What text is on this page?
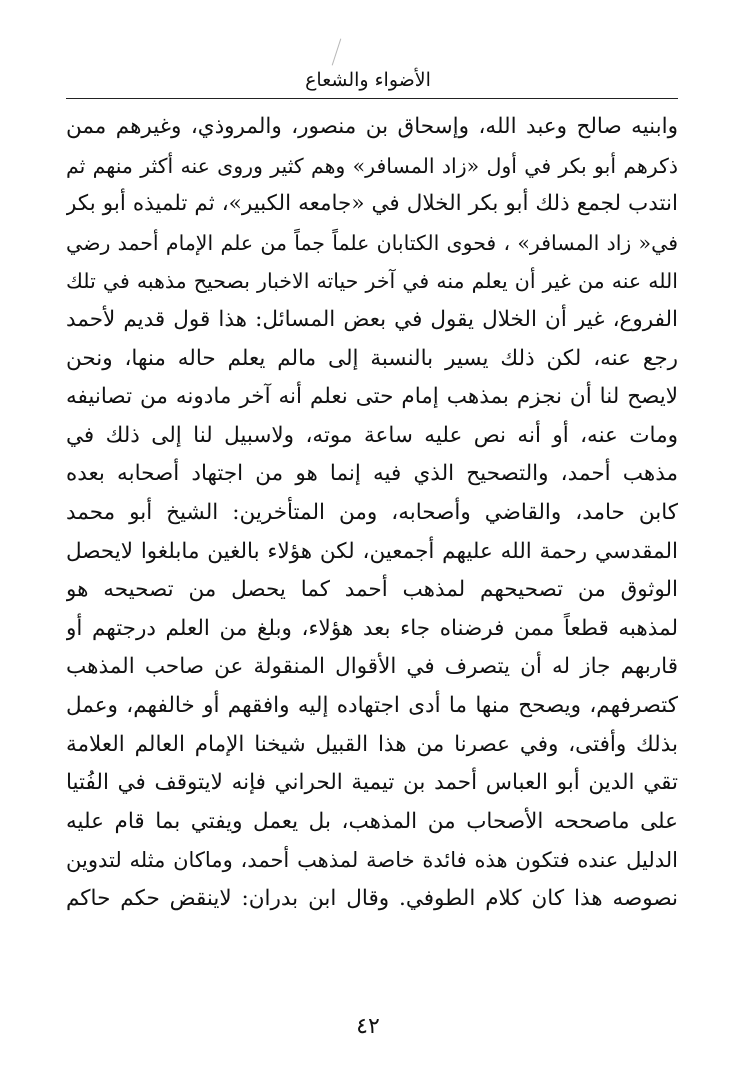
الأضواء والشعاع
وابنيه صالح وعبد الله، وإسحاق بن منصور، والمروذي، وغيرهم ممن
ذكرهم أبو بكر في أول «زاد المسافر» وهم كثير وروى عنه أكثر منهم ثم
انتدب لجمع ذلك أبو بكر الخلال في «جامعه الكبير»، ثم تلميذه أبو بكر
في« زاد المسافر» ، فحوى الكتابان علماً جماً من علم الإمام أحمد رضي
الله عنه من غير أن يعلم منه في آخر حياته الاخبار بصحيح مذهبه في تلك
الفروع، غير أن الخلال يقول في بعض المسائل: هذا قول قديم لأحمد
رجع عنه، لكن ذلك يسير بالنسبة إلى مالم يعلم حاله منها، ونحن
لايصح لنا أن نجزم بمذهب إمام حتى نعلم أنه آخر مادونه من تصانيفه
ومات عنه، أو أنه نص عليه ساعة موته، ولاسبيل لنا إلى ذلك في
مذهب أحمد، والتصحيح الذي فيه إنما هو من اجتهاد أصحابه بعده
كابن حامد، والقاضي وأصحابه، ومن المتأخرين: الشيخ أبو محمد
المقدسي رحمة الله عليهم أجمعين، لكن هؤلاء بالغين مابلغوا لايحصل
الوثوق من تصحيحهم لمذهب أحمد كما يحصل من تصحيحه هو
لمذهبه قطعاً ممن فرضناه جاء بعد هؤلاء، وبلغ من العلم درجتهم أو
قاربهم جاز له أن يتصرف في الأقوال المنقولة عن صاحب المذهب
كتصرفهم، ويصحح منها ما أدى اجتهاده إليه وافقهم أو خالفهم، وعمل
بذلك وأفتى، وفي عصرنا من هذا القبيل شيخنا الإمام العالم العلامة
تقي الدين أبو العباس أحمد بن تيمية الحراني فإنه لايتوقف في الفُتيا
على ماصححه الأصحاب من المذهب، بل يعمل ويفتي بما قام عليه
الدليل عنده فتكون هذه فائدة خاصة لمذهب أحمد، وماكان مثله لتدوين
نصوصه هذا كان كلام الطوفي. وقال ابن بدران: لاينقض حكم حاكم
٤٢
